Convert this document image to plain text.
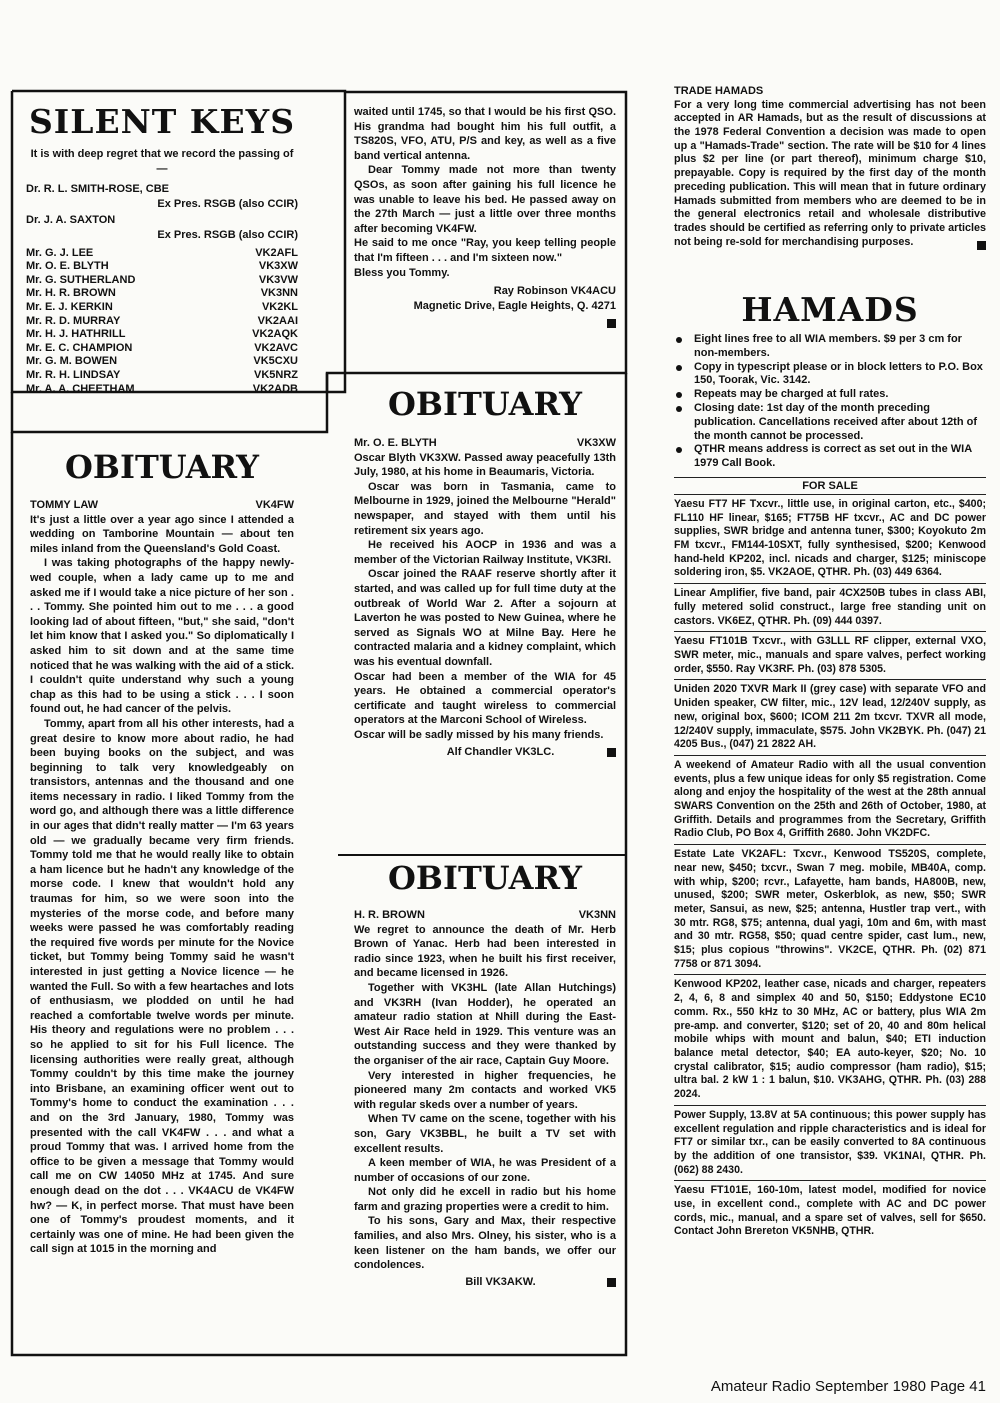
SILENT KEYS

It is with deep regret that we record the passing of —

Dr. R. L. SMITH-ROSE, CBE
Ex Pres. RSGB (also CCIR)
Dr. J. A. SAXTON
Ex Pres. RSGB (also CCIR)
Mr. G. J. LEE	VK2AFL
Mr. O. E. BLYTH	VK3XW
Mr. G. SUTHERLAND	VK3VW
Mr. H. R. BROWN	VK3NN
Mr. E. J. KERKIN	VK2KL
Mr. R. D. MURRAY	VK2AAI
Mr. H. J. HATHRILL	VK2AQK
Mr. E. C. CHAMPION	VK2AVC
Mr. G. M. BOWEN	VK5CXU
Mr. R. H. LINDSAY	VK5NRZ
Mr. A. A. CHEETHAM	VK2ADB

waited until 1745, so that I would be his first QSO. His grandma had bought him his full outfit, a TS820S, VFO, ATU, P/S and key, as well as a five band vertical antenna.

Dear Tommy made not more than twenty QSOs, as soon after gaining his full licence he was unable to leave his bed. He passed away on the 27th March — just a little over three months after becoming VK4FW.

He said to me once "Ray, you keep telling people that I'm fifteen . . . and I'm sixteen now."

Bless you Tommy.

Ray Robinson VK4ACU

Magnetic Drive, Eagle Heights, Q. 4271

OBITUARY
TOMMY LAW	VK4FW

It's just a little over a year ago since I attended a wedding on Tamborine Mountain — about ten miles inland from the Queensland's Gold Coast.

I was taking photographs of the happy newly-wed couple, when a lady came up to me and asked me if I would take a nice picture of her son . . . Tommy. She pointed him out to me . . . a good looking lad of about fifteen, "but," she said, "don't let him know that I asked you." So diplomatically I asked him to sit down and at the same time noticed that he was walking with the aid of a stick. I couldn't quite understand why such a young chap as this had to be using a stick . . . I soon found out, he had cancer of the pelvis.

Tommy, apart from all his other interests, had a great desire to know more about radio, he had been buying books on the subject, and was beginning to talk very knowledgeably on transistors, antennas and the thousand and one items necessary in radio. I liked Tommy from the word go, and although there was a little difference in our ages that didn't really matter — I'm 63 years old — we gradually became very firm friends. Tommy told me that he would really like to obtain a ham licence but he hadn't any knowledge of the morse code. I knew that wouldn't hold any traumas for him, so we were soon into the mysteries of the morse code, and before many weeks were passed he was comfortably reading the required five words per minute for the Novice ticket, but Tommy being Tommy said he wasn't interested in just getting a Novice licence — he wanted the Full. So with a few heartaches and lots of enthusiasm, we plodded on until he had reached a comfortable twelve words per minute. His theory and regulations were no problem . . . so he applied to sit for his Full licence. The licensing authorities were really great, although Tommy couldn't by this time make the journey into Brisbane, an examining officer went out to Tommy's home to conduct the examination . . . and on the 3rd January, 1980, Tommy was presented with the call VK4FW . . . and what a proud Tommy that was. I arrived home from the office to be given a message that Tommy would call me on CW 14050 MHz at 1745. And sure enough dead on the dot . . . VK4ACU de VK4FW hw? — K, in perfect morse. That must have been one of Tommy's proudest moments, and it certainly was one of mine. He had been given the call sign at 1015 in the morning and

OBITUARY
Mr. O. E. BLYTH	VK3XW

Oscar Blyth VK3XW. Passed away peacefully 13th July, 1980, at his home in Beaumaris, Victoria.

Oscar was born in Tasmania, came to Melbourne in 1929, joined the Melbourne "Herald" newspaper, and stayed with them until his retirement six years ago.

He received his AOCP in 1936 and was a member of the Victorian Railway Institute, VK3RI.

Oscar joined the RAAF reserve shortly after it started, and was called up for full time duty at the outbreak of World War 2. After a sojourn at Laverton he was posted to New Guinea, where he served as Signals WO at Milne Bay. Here he contracted malaria and a kidney complaint, which was his eventual downfall.

Oscar had been a member of the WIA for 45 years. He obtained a commercial operator's certificate and taught wireless to commercial operators at the Marconi School of Wireless.

Oscar will be sadly missed by his many friends.

Alf Chandler VK3LC.
OBITUARY
H. R. BROWN	VK3NN

We regret to announce the death of Mr. Herb Brown of Yanac. Herb had been interested in radio since 1923, when he built his first receiver, and became licensed in 1926.

Together with VK3HL (late Allan Hutchings) and VK3RH (Ivan Hodder), he operated an amateur radio station at Nhill during the East-West Air Race held in 1929. This venture was an outstanding success and they were thanked by the organiser of the air race, Captain Guy Moore.

Very interested in higher frequencies, he pioneered many 2m contacts and worked VK5 with regular skeds over a number of years.

When TV came on the scene, together with his son, Gary VK3BBL, he built a TV set with excellent results.

A keen member of WIA, he was President of a number of occasions of our zone.

Not only did he excell in radio but his home farm and grazing properties were a credit to him.

To his sons, Gary and Max, their respective families, and also Mrs. Olney, his sister, who is a keen listener on the ham bands, we offer our condolences.

Bill VK3AKW.
TRADE HAMADS

For a very long time commercial advertising has not been accepted in AR Hamads, but as the result of discussions at the 1978 Federal Convention a decision was made to open up a "Hamads-Trade" section. The rate will be $10 for 4 lines plus $2 per line (or part thereof), minimum charge $10, prepayable. Copy is required by the first day of the month preceding publication. This will mean that in future ordinary Hamads submitted from members who are deemed to be in the general electronics retail and wholesale distributive trades should be certified as referring only to private articles not being re-sold for merchandising purposes.

HAMADS
Eight lines free to all WIA members. $9 per 3 cm for non-members.
Copy in typescript please or in block letters to P.O. Box 150, Toorak, Vic. 3142.
Repeats may be charged at full rates.
Closing date: 1st day of the month preceding publication. Cancellations received after about 12th of the month cannot be processed.
QTHR means address is correct as set out in the WIA 1979 Call Book.
FOR SALE
Yaesu FT7 HF Txcvr., little use, in original carton, etc., $400; FL110 HF linear, $165; FT75B HF txcvr., AC and DC power supplies, SWR bridge and antenna tuner, $300; Koyokuto 2m FM txcvr., FM144-10SXT, fully synthesised, $200; Kenwood hand-held KP202, incl. nicads and charger, $125; miniscope soldering iron, $5. VK2AOE, QTHR. Ph. (03) 449 6364.
Linear Amplifier, five band, pair 4CX250B tubes in class ABI, fully metered solid construct., large free standing unit on castors. VK6EZ, QTHR. Ph. (09) 444 0397.
Yaesu FT101B Txcvr., with G3LLL RF clipper, external VXO, SWR meter, mic., manuals and spare valves, perfect working order, $550. Ray VK3RF. Ph. (03) 878 5305.
Uniden 2020 TXVR Mark II (grey case) with separate VFO and Uniden speaker, CW filter, mic., 12V lead, 12/240V supply, as new, original box, $600; ICOM 211 2m txcvr. TXVR all mode, 12/240V supply, immaculate, $575. John VK2BYK. Ph. (047) 21 4205 Bus., (047) 21 2822 AH.
A weekend of Amateur Radio with all the usual convention events, plus a few unique ideas for only $5 registration. Come along and enjoy the hospitality of the west at the 28th annual SWARS Convention on the 25th and 26th of October, 1980, at Griffith. Details and programmes from the Secretary, Griffith Radio Club, PO Box 4, Griffith 2680. John VK2DFC.
Estate Late VK2AFL: Txcvr., Kenwood TS520S, complete, near new, $450; txcvr., Swan 7 meg. mobile, MB40A, comp. with whip, $200; rcvr., Lafayette, ham bands, HA800B, new, unused, $200; SWR meter, Oskerblok, as new, $50; SWR meter, Sansui, as new, $25; antenna, Hustler trap vert., with 30 mtr. RG8, $75; antenna, dual yagi, 10m and 6m, with mast and 30 mtr. RG58, $50; quad centre spider, cast lum., new, $15; plus copious "throwins". VK2CE, QTHR. Ph. (02) 871 7758 or 871 3094.
Kenwood KP202, leather case, nicads and charger, repeaters 2, 4, 6, 8 and simplex 40 and 50, $150; Eddystone EC10 comm. Rx., 550 kHz to 30 MHz, AC or battery, plus WIA 2m pre-amp. and converter, $120; set of 20, 40 and 80m helical mobile whips with mount and balun, $40; ETI induction balance metal detector, $40; EA auto-keyer, $20; No. 10 crystal calibrator, $15; audio compressor (ham radio), $15; ultra bal. 2 kW 1 : 1 balun, $10. VK3AHG, QTHR. Ph. (03) 288 2024.
Power Supply, 13.8V at 5A continuous; this power supply has excellent regulation and ripple characteristics and is ideal for FT7 or similar txr., can be easily converted to 8A continuous by the addition of one transistor, $39. VK1NAI, QTHR. Ph. (062) 88 2430.
Yaesu FT101E, 160-10m, latest model, modified for novice use, in excellent cond., complete with AC and DC power cords, mic., manual, and a spare set of valves, sell for $650. Contact John Brereton VK5NHB, QTHR.
Amateur Radio September 1980 Page 41
